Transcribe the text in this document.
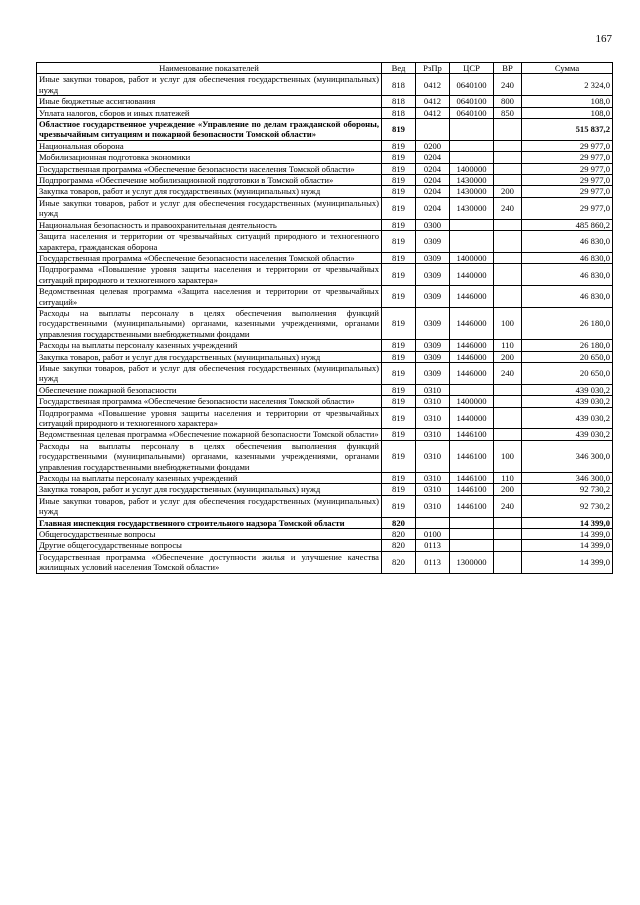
167
Наименование показателей	Вед	РзПр	ЦСР	ВР	Сумма
Иные закупки товаров, работ и услуг для обеспечения государственных (муниципальных) нужд	818	0412	0640100	240	2 324,0
Иные бюджетные ассигнования	818	0412	0640100	800	108,0
Уплата налогов, сборов и иных платежей	818	0412	0640100	850	108,0
Областное государственное учреждение «Управление по делам гражданской обороны, чрезвычайным ситуациям и пожарной безопасности Томской области»	819				515 837,2
Национальная оборона	819	0200			29 977,0
Мобилизационная подготовка экономики	819	0204			29 977,0
Государственная программа «Обеспечение безопасности населения Томской области»	819	0204	1400000		29 977,0
Подпрограмма «Обеспечение мобилизационной подготовки в Томской области»	819	0204	1430000		29 977,0
Закупка товаров, работ и услуг для государственных (муниципальных) нужд	819	0204	1430000	200	29 977,0
Иные закупки товаров, работ и услуг для обеспечения государственных (муниципальных) нужд	819	0204	1430000	240	29 977,0
Национальная безопасность и правоохранительная деятельность	819	0300			485 860,2
Защита населения и территории от чрезвычайных ситуаций природного и техногенного характера, гражданская оборона	819	0309			46 830,0
Государственная программа «Обеспечение безопасности населения Томской области»	819	0309	1400000		46 830,0
Подпрограмма «Повышение уровня защиты населения и территории от чрезвычайных ситуаций природного и техногенного характера»	819	0309	1440000		46 830,0
Ведомственная целевая программа «Защита населения и территории от чрезвычайных ситуаций»	819	0309	1446000		46 830,0
Расходы на выплаты персоналу в целях обеспечения выполнения функций государственными (муниципальными) органами, казенными учреждениями, органами управления государственными внебюджетными фондами	819	0309	1446000	100	26 180,0
Расходы на выплаты персоналу казенных учреждений	819	0309	1446000	110	26 180,0
Закупка товаров, работ и услуг для государственных (муниципальных) нужд	819	0309	1446000	200	20 650,0
Иные закупки товаров, работ и услуг для обеспечения государственных (муниципальных) нужд	819	0309	1446000	240	20 650,0
Обеспечение пожарной безопасности	819	0310			439 030,2
Государственная программа «Обеспечение безопасности населения Томской области»	819	0310	1400000		439 030,2
Подпрограмма «Повышение уровня защиты населения и территории от чрезвычайных ситуаций природного и техногенного характера»	819	0310	1440000		439 030,2
Ведомственная целевая программа «Обеспечение пожарной безопасности Томской области»	819	0310	1446100		439 030,2
Расходы на выплаты персоналу в целях обеспечения выполнения функций государственными (муниципальными) органами, казенными учреждениями, органами управления государственными внебюджетными фондами	819	0310	1446100	100	346 300,0
Расходы на выплаты персоналу казенных учреждений	819	0310	1446100	110	346 300,0
Закупка товаров, работ и услуг для государственных (муниципальных) нужд	819	0310	1446100	200	92 730,2
Иные закупки товаров, работ и услуг для обеспечения государственных (муниципальных) нужд	819	0310	1446100	240	92 730,2
Главная инспекция государственного строительного надзора Томской области	820				14 399,0
Общегосударственные вопросы	820	0100			14 399,0
Другие общегосударственные вопросы	820	0113			14 399,0
Государственная программа «Обеспечение доступности жилья и улучшение качества жилищных условий населения Томской области»	820	0113	1300000		14 399,0
